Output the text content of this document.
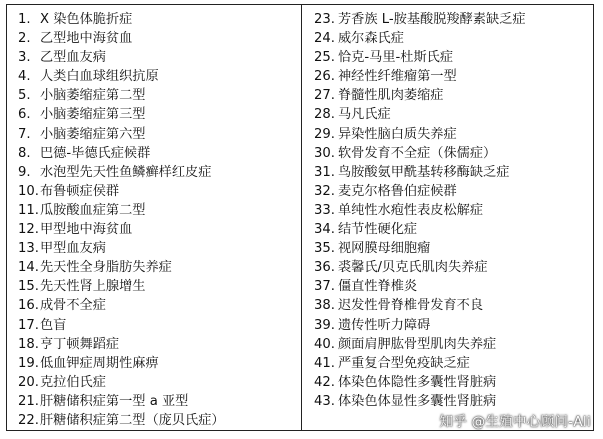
1. X 染色体脆折症
2. 乙型地中海贫血
3. 乙型血友病
4. 人类白血球组织抗原
5. 小脑萎缩症第二型
6. 小脑萎缩症第三型
7. 小脑萎缩症第六型
8. 巴德-毕德氏症候群
9. 水泡型先天性鱼鳞癣样红皮症
10.布鲁顿症侯群
11.瓜胺酸血症第二型
12.甲型地中海贫血
13.甲型血友病
14.先天性全身脂肪失养症
15.先天性肾上腺增生
16.成骨不全症
17.色盲
18.亨丁顿舞蹈症
19.低血钾症周期性麻痹
20.克拉伯氏症
21.肝糖储积症第一型 a 亚型
22.肝糖储积症第二型（庞贝氏症）
23. 芳香族 L-胺基酸脱羧酵素缺乏症
24. 威尔森氏症
25. 恰克-马里-杜斯氏症
26. 神经性纤维瘤第一型
27. 脊髓性肌肉萎缩症
28. 马凡氏症
29. 异染性脑白质失养症
30. 软骨发育不全症（侏儒症）
31. 鸟胺酸氨甲酰基转移酶缺乏症
32. 麦克尔格鲁伯症候群
33. 单纯性水疱性表皮松解症
34. 结节性硬化症
35. 视网膜母细胞瘤
36. 裘馨氏/贝克氏肌肉失养症
37. 僵直性脊椎炎
38. 迟发性骨脊椎骨发育不良
39. 遗传性听力障碍
40. 颜面肩胛肱骨型肌肉失养症
41. 严重复合型免疫缺乏症
42. 体染色体隐性多囊性肾脏病
43. 体染色体显性多囊性肾脏病
知乎 @生殖中心顾问-Ali
